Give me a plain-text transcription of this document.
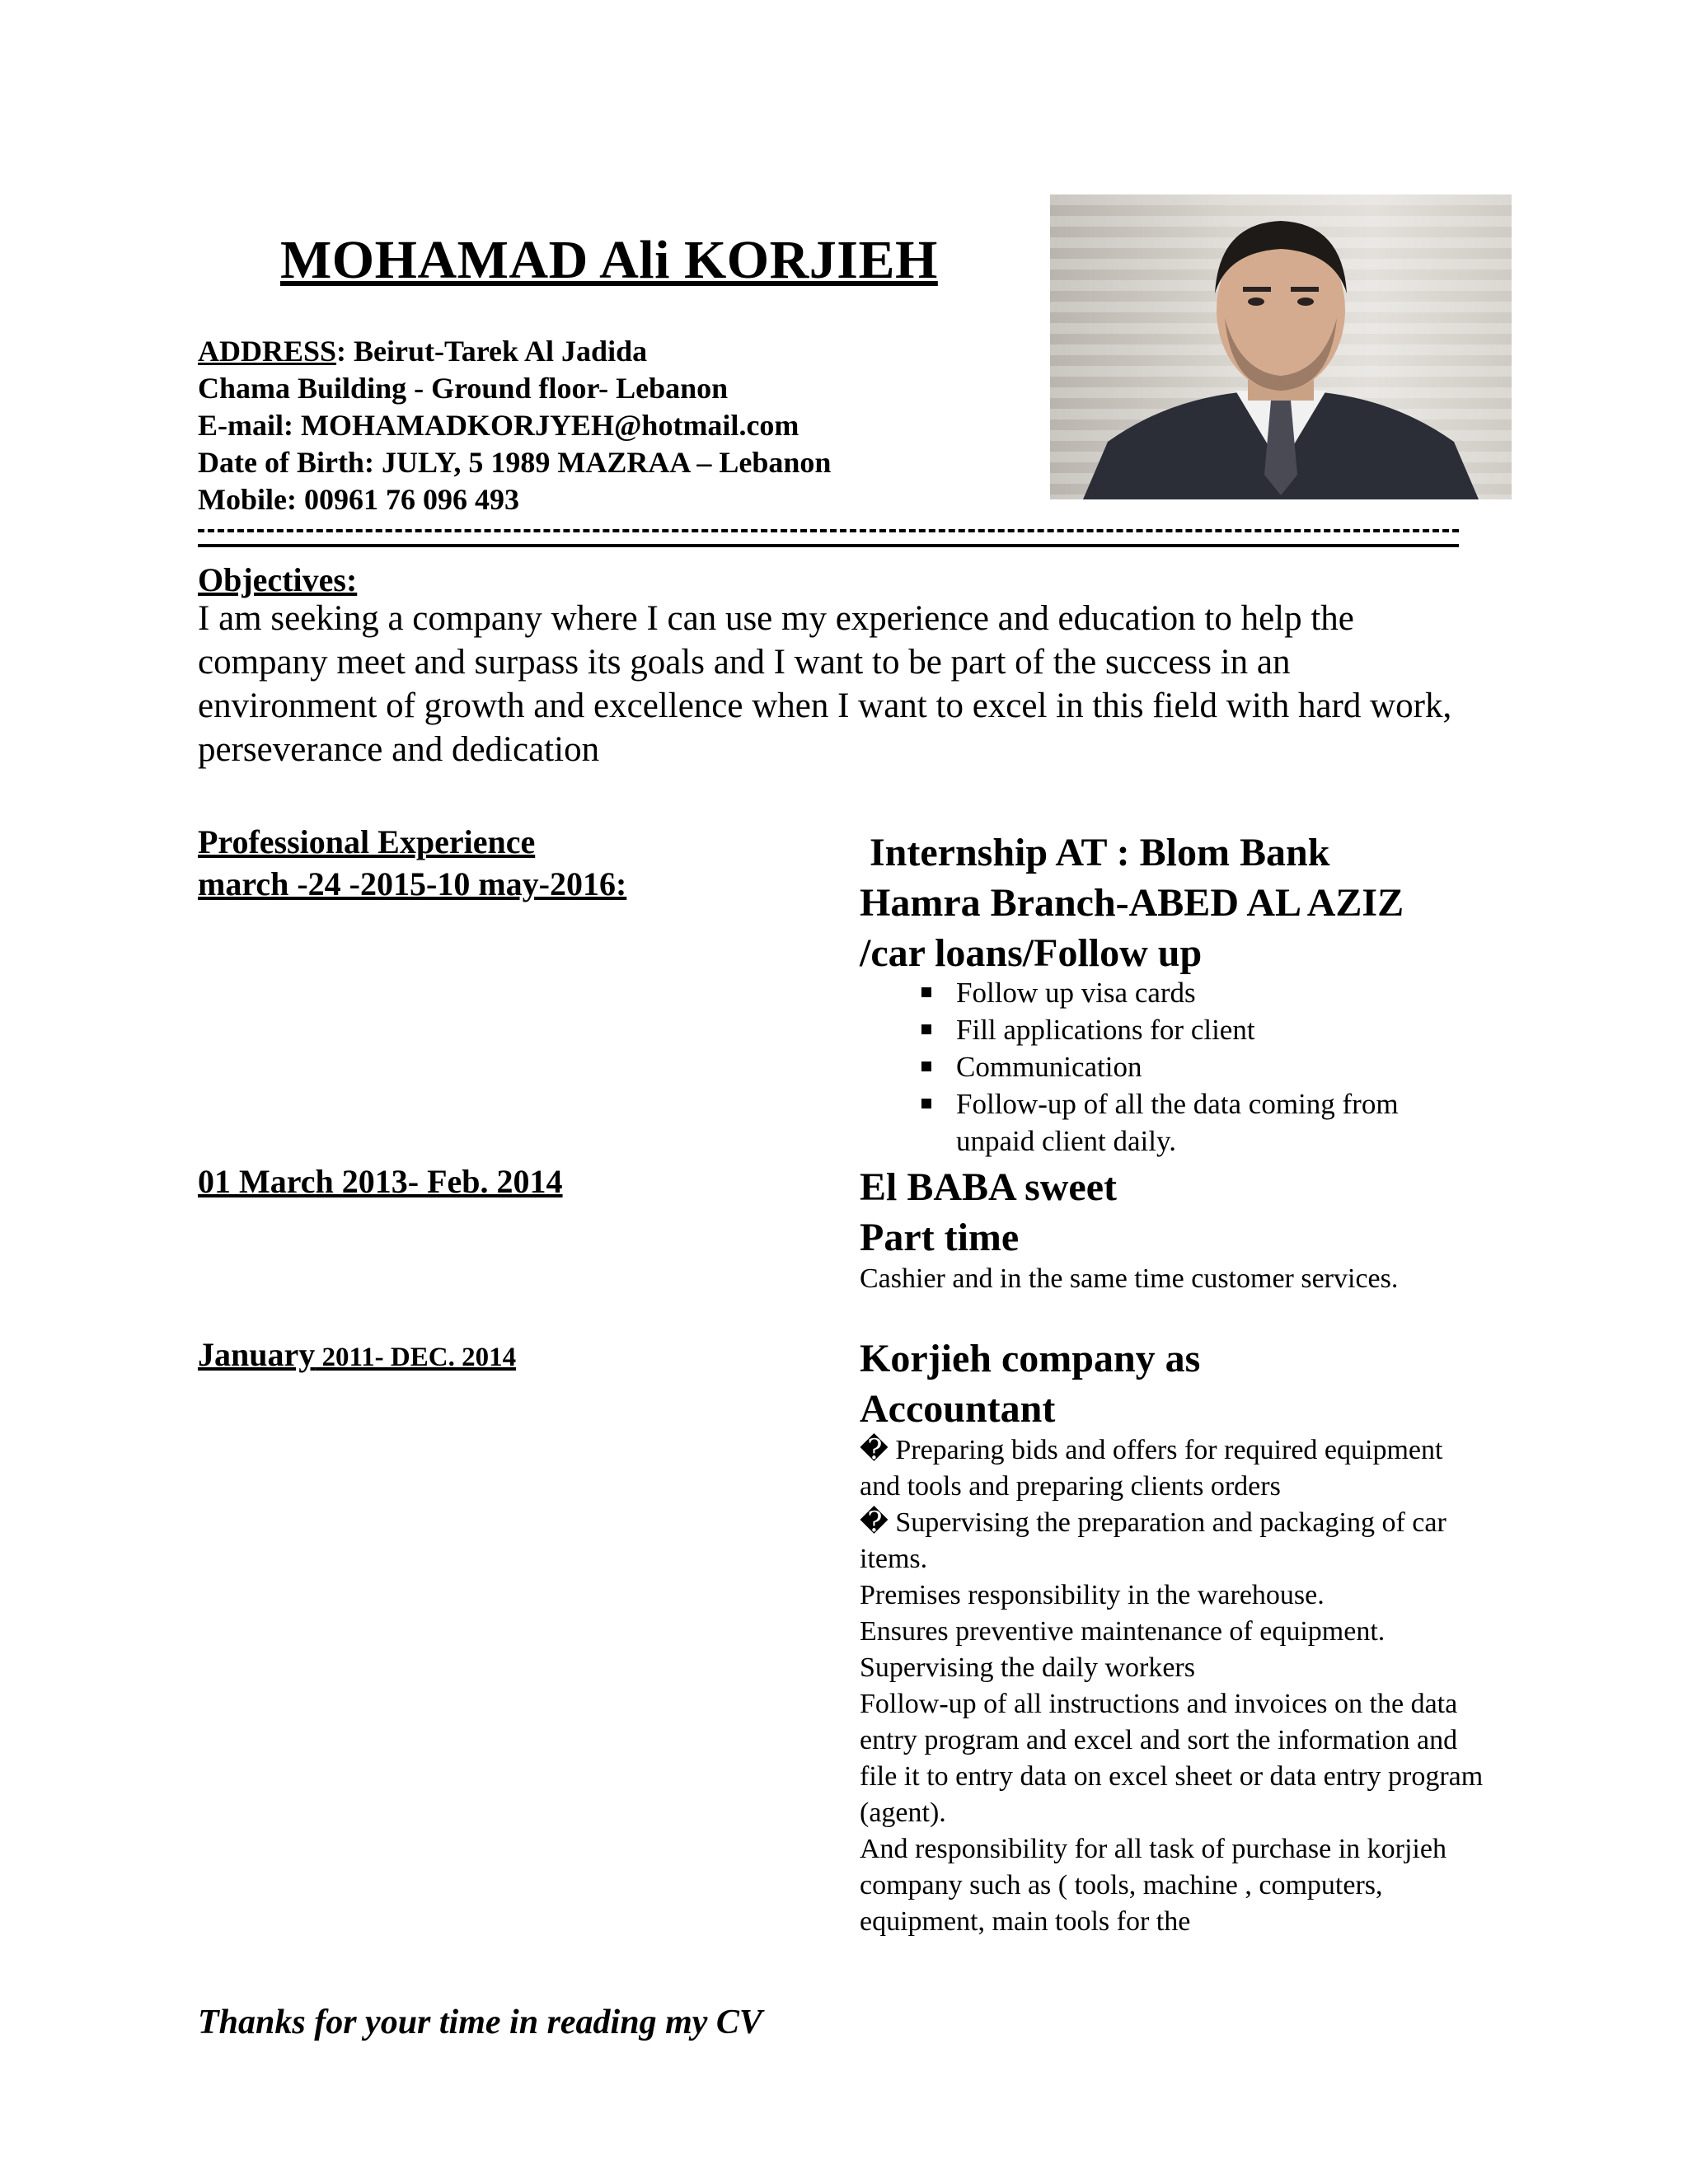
MOHAMAD Ali KORJIEH
ADDRESS: Beirut-Tarek Al Jadida
Chama Building - Ground floor- Lebanon
E-mail: MOHAMADKORJYEH@hotmail.com
Date of Birth: JULY, 5 1989 MAZRAA – Lebanon
Mobile: 00961 76 096 493
Objectives:
I am seeking a company where I can use my experience and education to help the company meet and surpass its goals and I want to be part of the success in an environment of growth and excellence when I want to excel in this field with hard work, perseverance and dedication
Professional Experience
march -24 -2015-10 may-2016:
01 March 2013- Feb. 2014
January 2011- DEC. 2014
Internship AT : Blom Bank
Hamra Branch-ABED AL AZIZ
/car loans/Follow up
Follow up visa cards
Fill applications for client
Communication
Follow-up of all the data coming from unpaid client daily.
El BABA sweet
Part time
Cashier and in the same time customer services.
Korjieh company as
Accountant
� Preparing bids and offers for required equipment and tools and preparing clients orders
� Supervising the preparation and packaging of car items.
Premises responsibility in the warehouse.
Ensures preventive maintenance of equipment.
Supervising the daily workers
Follow-up of all instructions and invoices on the data entry program and excel and sort the information and file it to entry data on excel sheet or data entry program (agent).
And responsibility for all task of purchase in korjieh company such as ( tools, machine , computers, equipment, main tools for the
Thanks for your time in reading my CV
